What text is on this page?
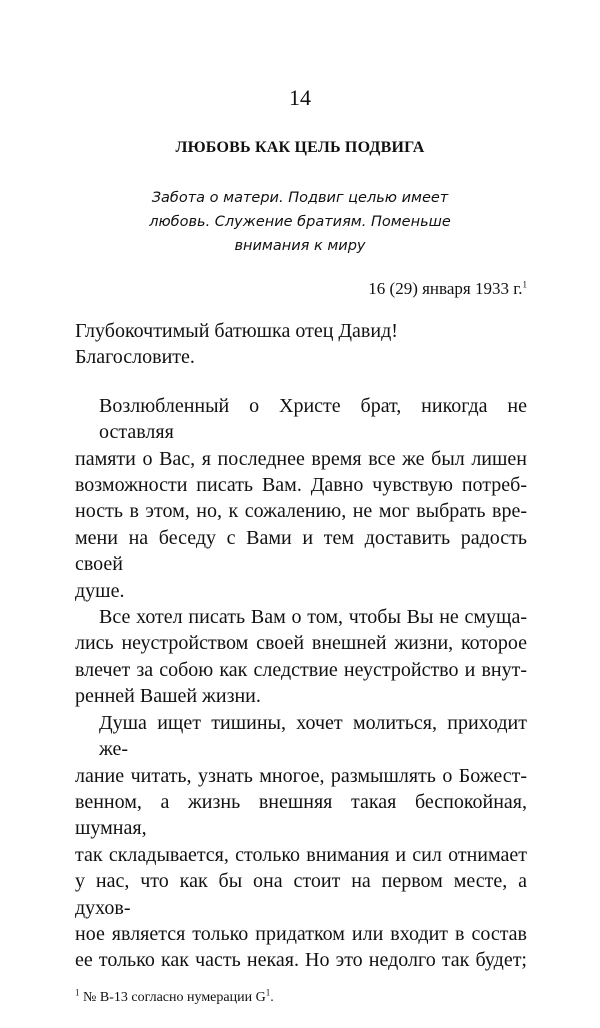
14
ЛЮБОВЬ КАК ЦЕЛЬ ПОДВИГА
Забота о матери. Подвиг целью имеет
любовь. Служение братиям. Поменьше
внимания к миру
16 (29) января 1933 г.$^1$
Глубокочтимый батюшка отец Давид!
Благословите.
Возлюбленный о Христе брат, никогда не оставляя
памяти о Вас, я последнее время все же был лишен
возможности писать Вам. Давно чувствую потреб-
ность в этом, но, к сожалению, не мог выбрать вре-
мени на беседу с Вами и тем доставить радость своей
душе.
Все хотел писать Вам о том, чтобы Вы не смуща-
лись неустройством своей внешней жизни, которое
влечет за собою как следствие неустройство и внут-
ренней Вашей жизни.
Душа ищет тишины, хочет молиться, приходит же-
лание читать, узнать многое, размышлять о Божест-
венном, а жизнь внешняя такая беспокойная, шумная,
так складывается, столько внимания и сил отнимает
у нас, что как бы она стоит на первом месте, а духов-
ное является только придатком или входит в состав
ее только как часть некая. Но это недолго так будет;
$^1$ № В-13 согласно нумерации $G^1$.
